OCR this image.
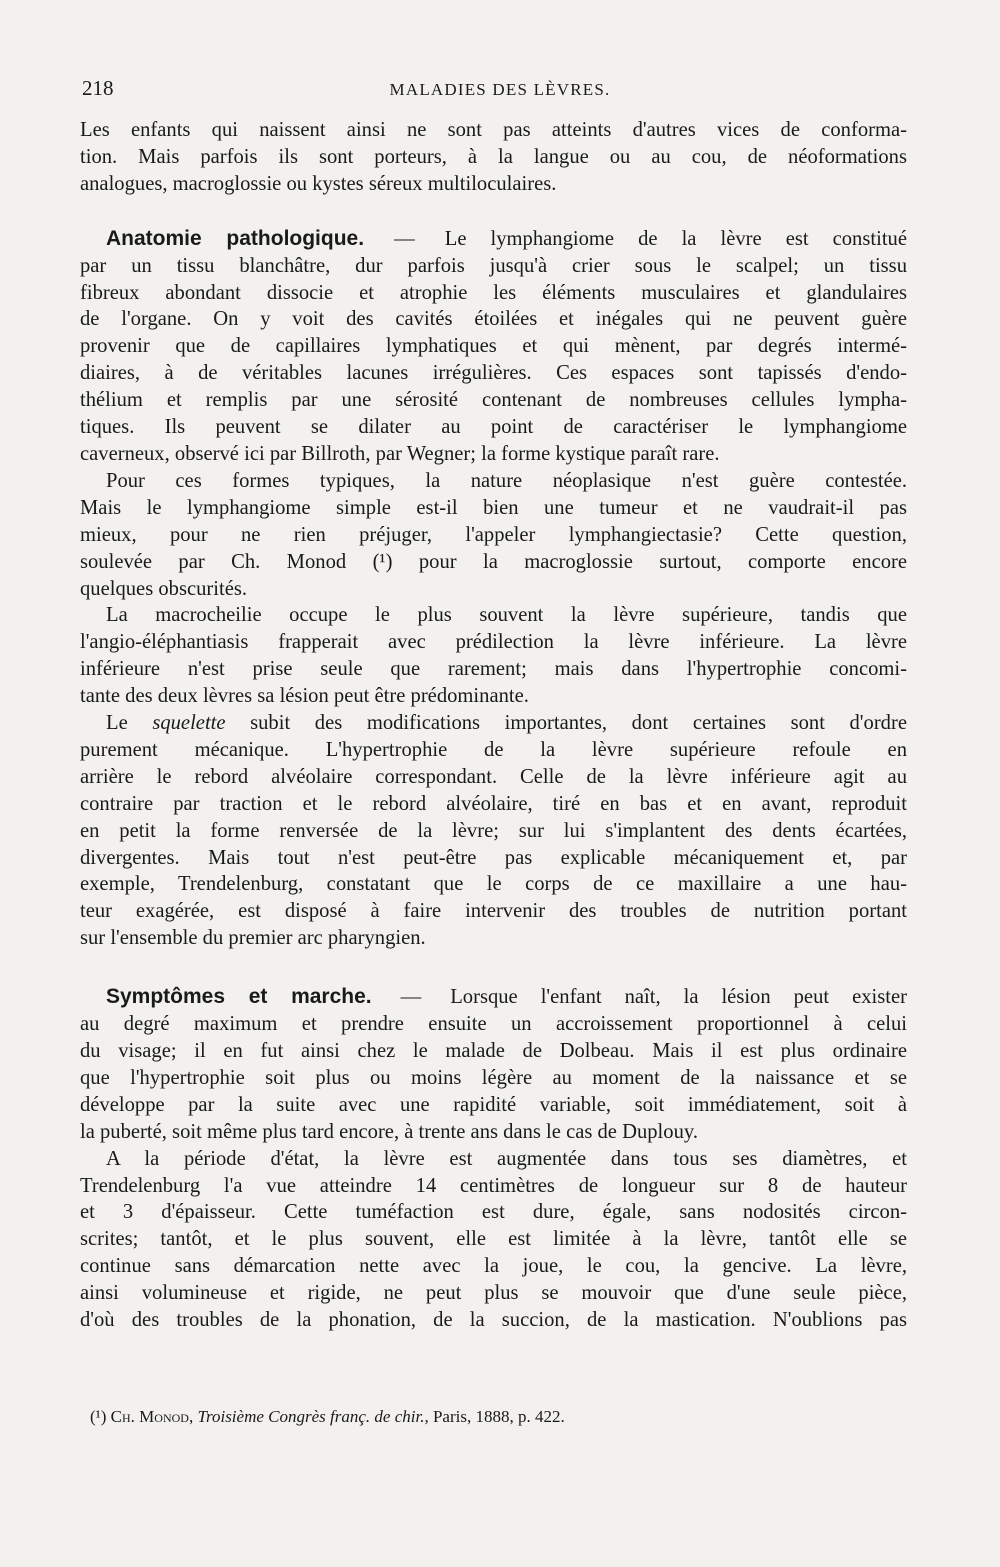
218	MALADIES DES LÈVRES.

Les enfants qui naissent ainsi ne sont pas atteints d'autres vices de conforma-

tion. Mais parfois ils sont porteurs, à la langue ou au cou, de néoformations

analogues, macroglossie ou kystes séreux multiloculaires.

Anatomie pathologique. — Le lymphangiome de la lèvre est constitué

par un tissu blanchâtre, dur parfois jusqu'à crier sous le scalpel; un tissu

fibreux abondant dissocie et atrophie les éléments musculaires et glandulaires

de l'organe. On y voit des cavités étoilées et inégales qui ne peuvent guère

provenir que de capillaires lymphatiques et qui mènent, par degrés intermé-

diaires, à de véritables lacunes irrégulières. Ces espaces sont tapissés d'endo-

thélium et remplis par une sérosité contenant de nombreuses cellules lympha-

tiques. Ils peuvent se dilater au point de caractériser le lymphangiome

caverneux, observé ici par Billroth, par Wegner; la forme kystique paraît rare.

Pour ces formes typiques, la nature néoplasique n'est guère contestée.

Mais le lymphangiome simple est-il bien une tumeur et ne vaudrait-il pas

mieux, pour ne rien préjuger, l'appeler lymphangiectasie? Cette question,

soulevée par Ch. Monod (¹) pour la macroglossie surtout, comporte encore

quelques obscurités.

La macrocheilie occupe le plus souvent la lèvre supérieure, tandis que

l'angio-éléphantiasis frapperait avec prédilection la lèvre inférieure. La lèvre

inférieure n'est prise seule que rarement; mais dans l'hypertrophie concomi-

tante des deux lèvres sa lésion peut être prédominante.

Le squelette subit des modifications importantes, dont certaines sont d'ordre

purement mécanique. L'hypertrophie de la lèvre supérieure refoule en

arrière le rebord alvéolaire correspondant. Celle de la lèvre inférieure agit au

contraire par traction et le rebord alvéolaire, tiré en bas et en avant, reproduit

en petit la forme renversée de la lèvre; sur lui s'implantent des dents écartées,

divergentes. Mais tout n'est peut-être pas explicable mécaniquement et, par

exemple, Trendelenburg, constatant que le corps de ce maxillaire a une hau-

teur exagérée, est disposé à faire intervenir des troubles de nutrition portant

sur l'ensemble du premier arc pharyngien.

Symptômes et marche. — Lorsque l'enfant naît, la lésion peut exister

au degré maximum et prendre ensuite un accroissement proportionnel à celui

du visage; il en fut ainsi chez le malade de Dolbeau. Mais il est plus ordinaire

que l'hypertrophie soit plus ou moins légère au moment de la naissance et se

développe par la suite avec une rapidité variable, soit immédiatement, soit à

la puberté, soit même plus tard encore, à trente ans dans le cas de Duplouy.

A la période d'état, la lèvre est augmentée dans tous ses diamètres, et

Trendelenburg l'a vue atteindre 14 centimètres de longueur sur 8 de hauteur

et 3 d'épaisseur. Cette tuméfaction est dure, égale, sans nodosités circon-

scrites; tantôt, et le plus souvent, elle est limitée à la lèvre, tantôt elle se

continue sans démarcation nette avec la joue, le cou, la gencive. La lèvre,

ainsi volumineuse et rigide, ne peut plus se mouvoir que d'une seule pièce,

d'où des troubles de la phonation, de la succion, de la mastication. N'oublions pas

(¹) Ch. Monod, Troisième Congrès franç. de chir., Paris, 1888, p. 422.
